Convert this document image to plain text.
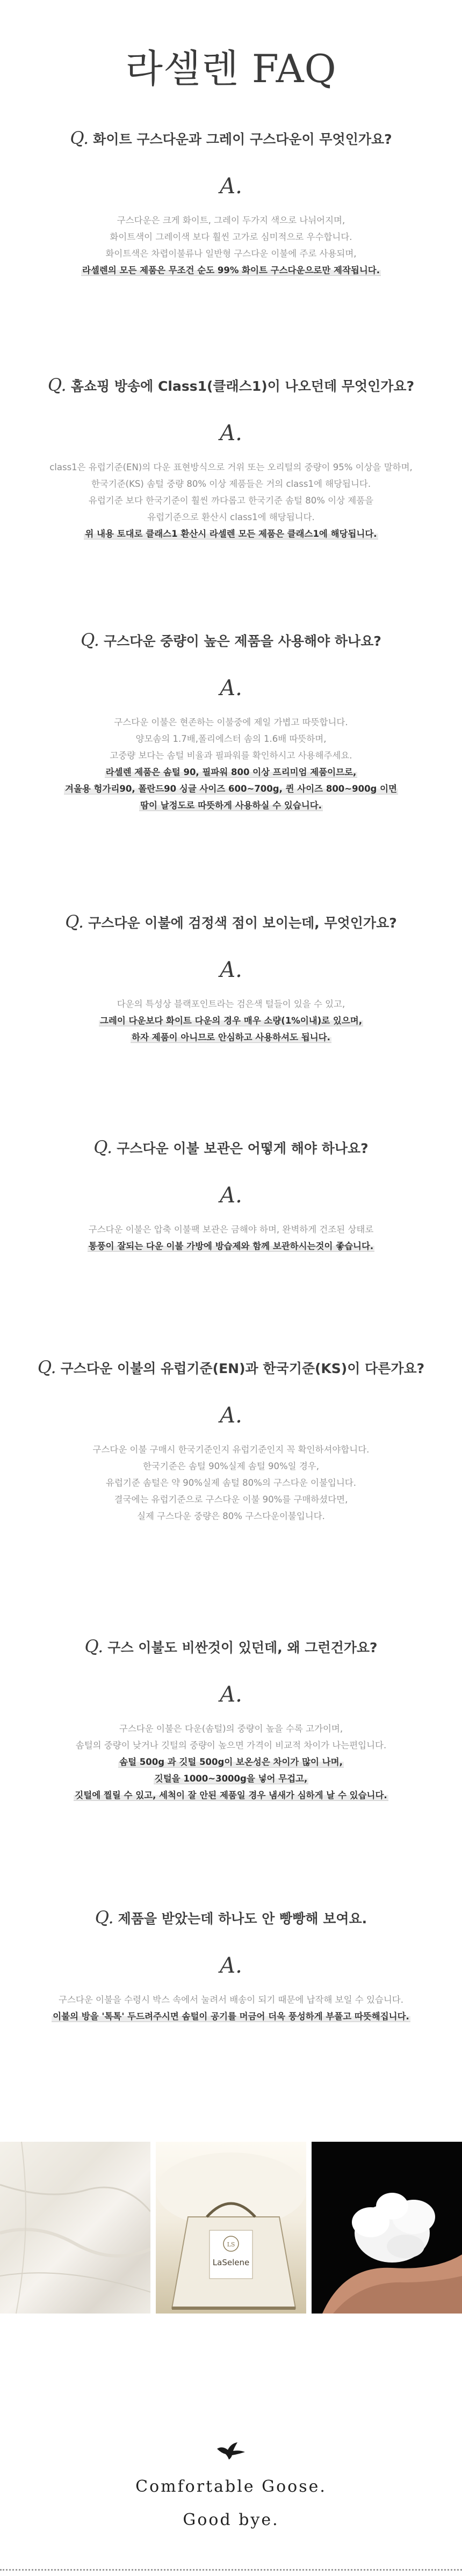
라셀렌 FAQ
Q. 화이트 구스다운과 그레이 구스다운이 무엇인가요?
A.

구스다운은 크게 화이트, 그레이 두가지 색으로 나뉘어지며,

화이트색이 그레이색 보다 훨씬 고가로 심미적으로 우수합니다.

화이트색은 차렵이불류나 일반형 구스다운 이불에 주로 사용되며,

라셀렌의 모든 제품은 무조건 순도 99% 화이트 구스다운으로만 제작됩니다.

Q. 홈쇼핑 방송에 Class1(클래스1)이 나오던데 무엇인가요?
A.

class1은 유럽기준(EN)의 다운 표현방식으로 거위 또는 오리털의 중량이 95% 이상을 말하며,

한국기준(KS) 솜털 중량 80% 이상 제품들은 거의 class1에 해당됩니다.

유럽기준 보다 한국기준이 훨씬 까다롭고 한국기준 솜털 80% 이상 제품을

유럽기준으로 환산시 class1에 해당됩니다.

위 내용 토대로 클래스1 환산시 라셀렌 모든 제품은 클래스1에 해당됩니다.

Q. 구스다운 중량이 높은 제품을 사용해야 하나요?
A.

구스다운 이불은 현존하는 이불중에 제일 가볍고 따뜻합니다.

양모솜의 1.7배,폴리에스터 솜의 1.6배 따뜻하며,

고중량 보다는 솜털 비율과 필파워를 확인하시고 사용해주세요.

라셀렌 제품은 솜털 90, 필파워 800 이상 프리미엄 제품이므로,

겨울용 헝가리90, 폴란드90 싱글 사이즈 600~700g, 퀸 사이즈 800~900g 이면

땀이 날정도로 따뜻하게 사용하실 수 있습니다.

Q. 구스다운 이불에 검정색 점이 보이는데, 무엇인가요?
A.

다운의 특성상 블랙포인트라는 검은색 털들이 있을 수 있고,

그레이 다운보다 화이트 다운의 경우 매우 소량(1%이내)로 있으며,

하자 제품이 아니므로 안심하고 사용하셔도 됩니다.

Q. 구스다운 이불 보관은 어떻게 해야 하나요?
A.

구스다운 이불은 압축 이불팩 보관은 금해야 하며, 완벽하게 건조된 상태로

통풍이 잘되는 다운 이불 가방에 방습제와 함께 보관하시는것이 좋습니다.

Q. 구스다운 이불의 유럽기준(EN)과 한국기준(KS)이 다른가요?
A.

구스다운 이불 구매시 한국기준인지 유럽기준인지 꼭 확인하셔야합니다.

한국기준은 솜털 90%실제 솜털 90%일 경우,

유럽기준 솜털은 약 90%실제 솜털 80%의 구스다운 이불입니다.

결국에는 유럽기준으로 구스다운 이불 90%를 구매하셨다면,

실제 구스다운 중량은 80% 구스다운이불입니다.

Q. 구스 이불도 비싼것이 있던데, 왜 그런건가요?
A.

구스다운 이불은 다운(솜털)의 중량이 높을 수록 고가이며,

솜털의 중량이 낮거나 깃털의 중량이 높으면 가격이 비교적 차이가 나는편입니다.

솜털 500g 과 깃털 500g이 보온성은 차이가 많이 나며,

깃털을 1000~3000g을 넣어 무겁고,

깃털에 찔릴 수 있고, 세척이 잘 안된 제품일 경우 냄새가 심하게 날 수 있습니다.

Q. 제품을 받았는데 하나도 안 빵빵해 보여요.
A.

구스다운 이불을 수령시 박스 속에서 눌려서 배송이 되기 때문에 납작해 보일 수 있습니다.

이불의 방을 '톡톡' 두드려주시면 솜털이 공기를 머금어 더욱 풍성하게 부풀고 따뜻해집니다.

LS
LaSelene
Comfortable Goose.
Good bye.
